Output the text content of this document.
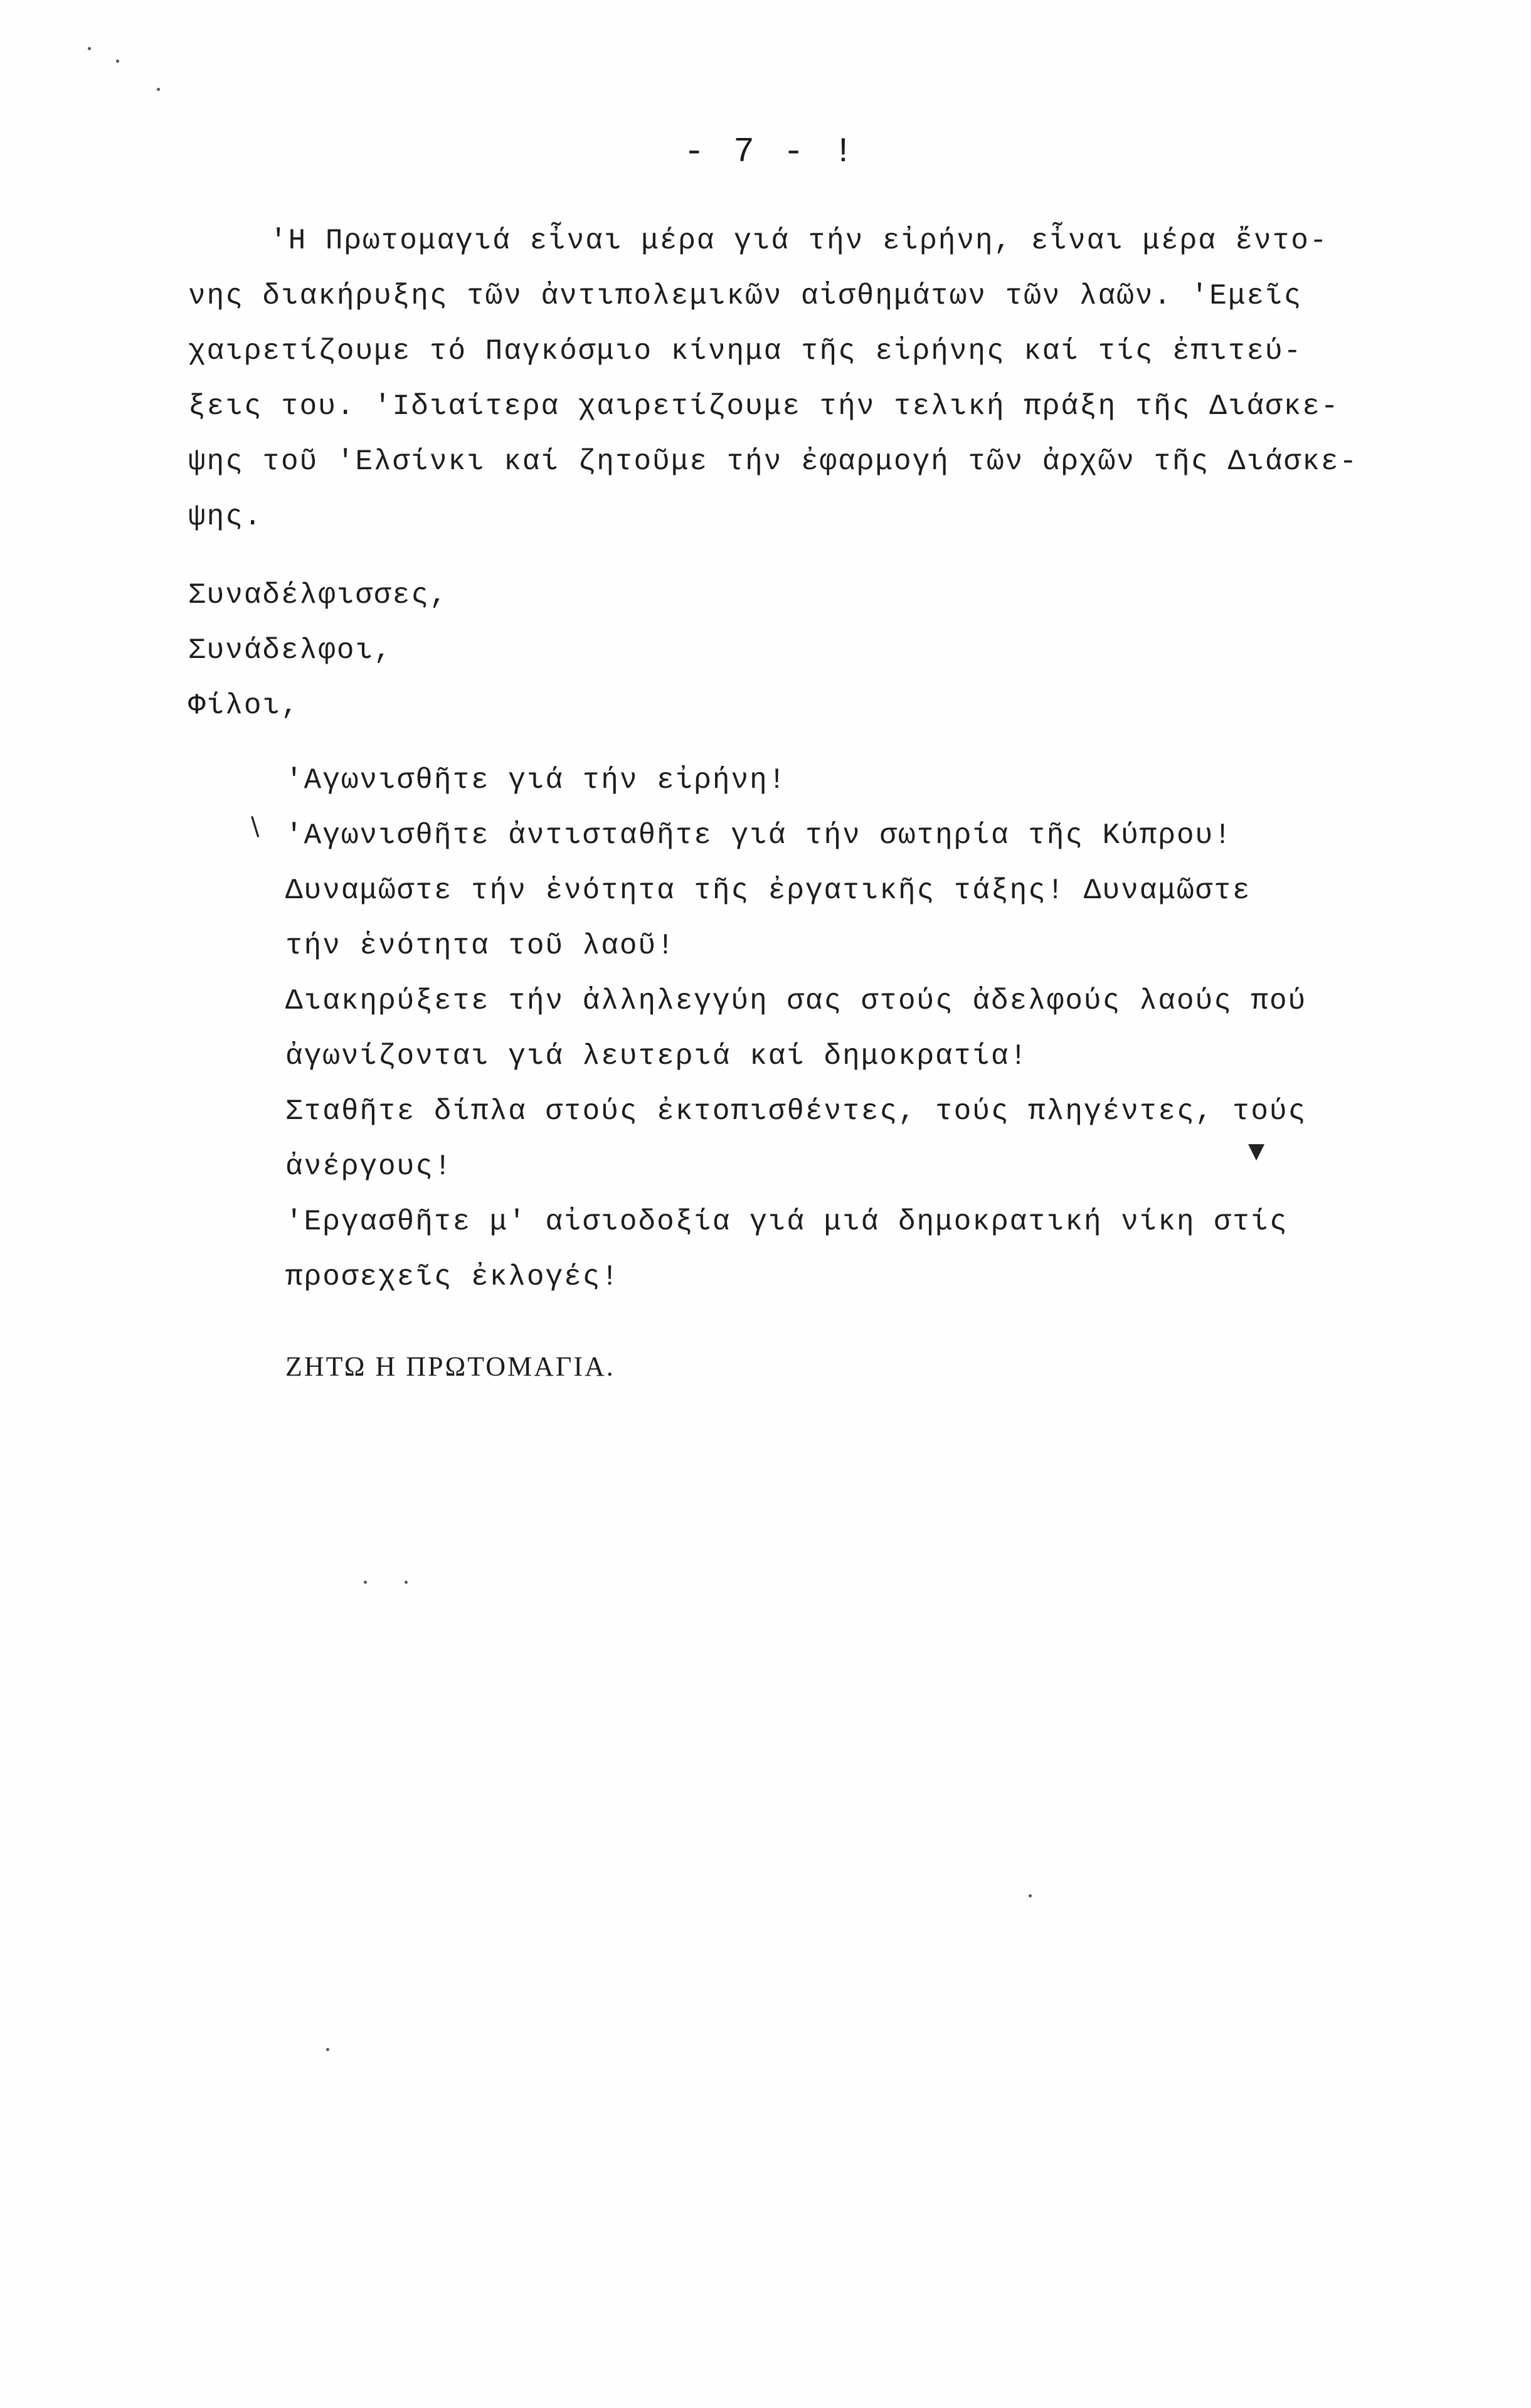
- 7 - !
'Η Πρωτομαγιά εἶναι μέρα γιά τήν εἰρήνη, εἶναι μέρα ἔντο-
νης διακήρυξης τῶν ἀντιπολεμικῶν αἰσθημάτων τῶν λαῶν. 'Εμεῖς
χαιρετίζουμε τό Παγκόσμιο κίνημα τῆς εἰρήνης καί τίς ἐπιτεύ-
ξεις του. 'Ιδιαίτερα χαιρετίζουμε τήν τελική πράξη τῆς Διάσκε-
ψης τοῦ 'Ελσίνκι καί ζητοῦμε τήν ἐφαρμογή τῶν ἀρχῶν τῆς Διάσκε-
ψης.
Συναδέλφισσες,
Συνάδελφοι,
Φίλοι,
'Αγωνισθῆτε γιά τήν εἰρήνη!
'Αγωνισθῆτε ἀντισταθῆτε γιά τήν σωτηρία τῆς Κύπρου!
Δυναμῶστε τήν ἑνότητα τῆς ἐργατικῆς τάξης! Δυναμῶστε
τήν ἑνότητα τοῦ λαοῦ!
Διακηρύξετε τήν ἀλληλεγγύη σας στούς ἀδελφούς λαούς πού
ἀγωνίζονται γιά λευτεριά καί δημοκρατία!
Σταθῆτε δίπλα στούς ἐκτοπισθέντες, τούς πληγέντες, τούς
ἀνέργους!
'Εργασθῆτε μ' αἰσιοδοξία γιά μιά δημοκρατική νίκη στίς
προσεχεῖς ἐκλογές!
ΖΗΤΩ Η ΠΡΩΤΟΜΑΓΙΑ.
\
▼
